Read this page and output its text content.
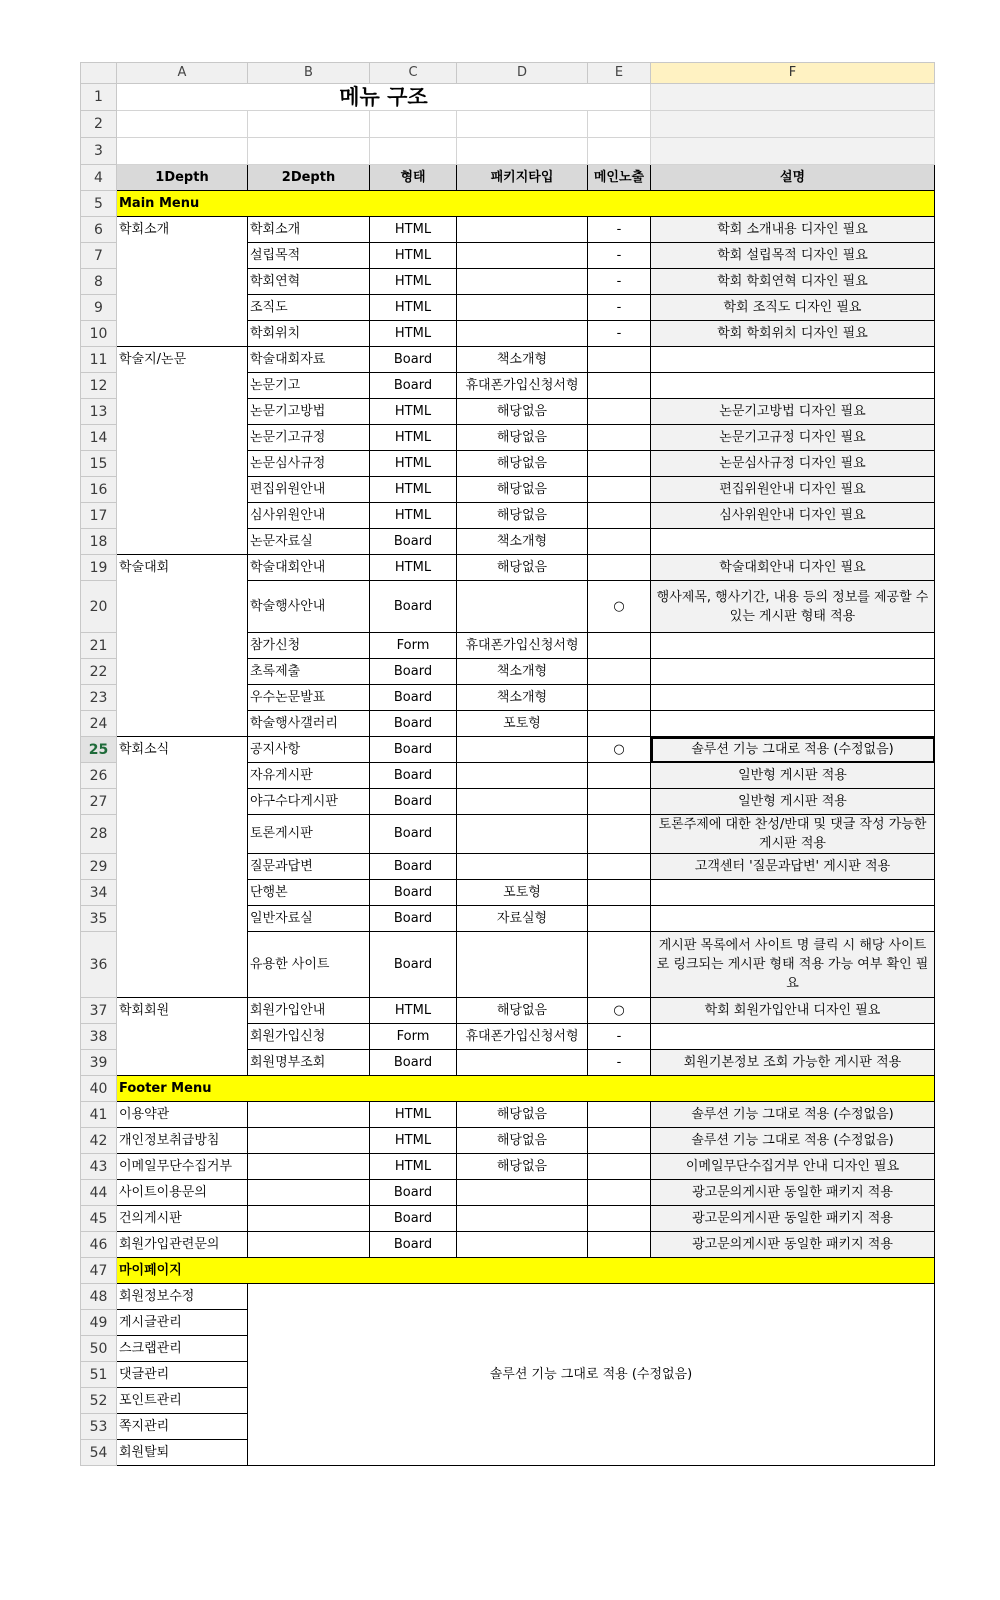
	A	B	C	D	E	F
1	메뉴 구조					
2						
3						
4	1Depth	2Depth	형태	패키지타입	메인노출	설명
5	Main Menu					
6	학회소개	학회소개	HTML		-	학회 소개내용 디자인 필요
7		설립목적	HTML		-	학회 설립목적 디자인 필요
8		학회연혁	HTML		-	학회 학회연혁 디자인 필요
9		조직도	HTML		-	학회 조직도 디자인 필요
10		학회위치	HTML		-	학회 학회위치 디자인 필요
11	학술지/논문	학술대회자료	Board	책소개형		
12		논문기고	Board	휴대폰가입신청서형		
13		논문기고방법	HTML	해당없음		논문기고방법 디자인 필요
14		논문기고규정	HTML	해당없음		논문기고규정 디자인 필요
15		논문심사규정	HTML	해당없음		논문심사규정 디자인 필요
16		편집위원안내	HTML	해당없음		편집위원안내 디자인 필요
17		심사위원안내	HTML	해당없음		심사위원안내 디자인 필요
18		논문자료실	Board	책소개형		
19	학술대회	학술대회안내	HTML	해당없음		학술대회안내 디자인 필요
20		학술행사안내	Board		○	행사제목, 행사기간, 내용 등의 정보를 제공할 수 있는 게시판 형태 적용
21		참가신청	Form	휴대폰가입신청서형		
22		초록제출	Board	책소개형		
23		우수논문발표	Board	책소개형		
24		학술행사갤러리	Board	포토형		
25	학회소식	공지사항	Board		○	솔루션 기능 그대로 적용 (수정없음)
26		자유게시판	Board			일반형 게시판 적용
27		야구수다게시판	Board			일반형 게시판 적용
28		토론게시판	Board			토론주제에 대한 찬성/반대 및 댓글 작성 가능한 게시판 적용
29		질문과답변	Board			고객센터 '질문과답변' 게시판 적용
34		단행본	Board	포토형		
35		일반자료실	Board	자료실형		
36		유용한 사이트	Board			게시판 목록에서 사이트 명 클릭 시 해당 사이트로 링크되는 게시판 형태 적용 가능 여부 확인 필요
37	학회회원	회원가입안내	HTML	해당없음	○	학회 회원가입안내 디자인 필요
38		회원가입신청	Form	휴대폰가입신청서형	-	
39		회원명부조회	Board		-	회원기본정보 조회 가능한 게시판 적용
40	Footer Menu					
41	이용약관		HTML	해당없음		솔루션 기능 그대로 적용 (수정없음)
42	개인정보취급방침		HTML	해당없음		솔루션 기능 그대로 적용 (수정없음)
43	이메일무단수집거부		HTML	해당없음		이메일무단수집거부 안내 디자인 필요
44	사이트이용문의		Board			광고문의게시판 동일한 패키지 적용
45	건의게시판		Board			광고문의게시판 동일한 패키지 적용
46	회원가입관련문의		Board			광고문의게시판 동일한 패키지 적용
47	마이페이지					
48	회원정보수정	솔루션 기능 그대로 적용 (수정없음)				
49	게시글관리					
50	스크랩관리					
51	댓글관리					
52	포인트관리					
53	쪽지관리					
54	회원탈퇴					
